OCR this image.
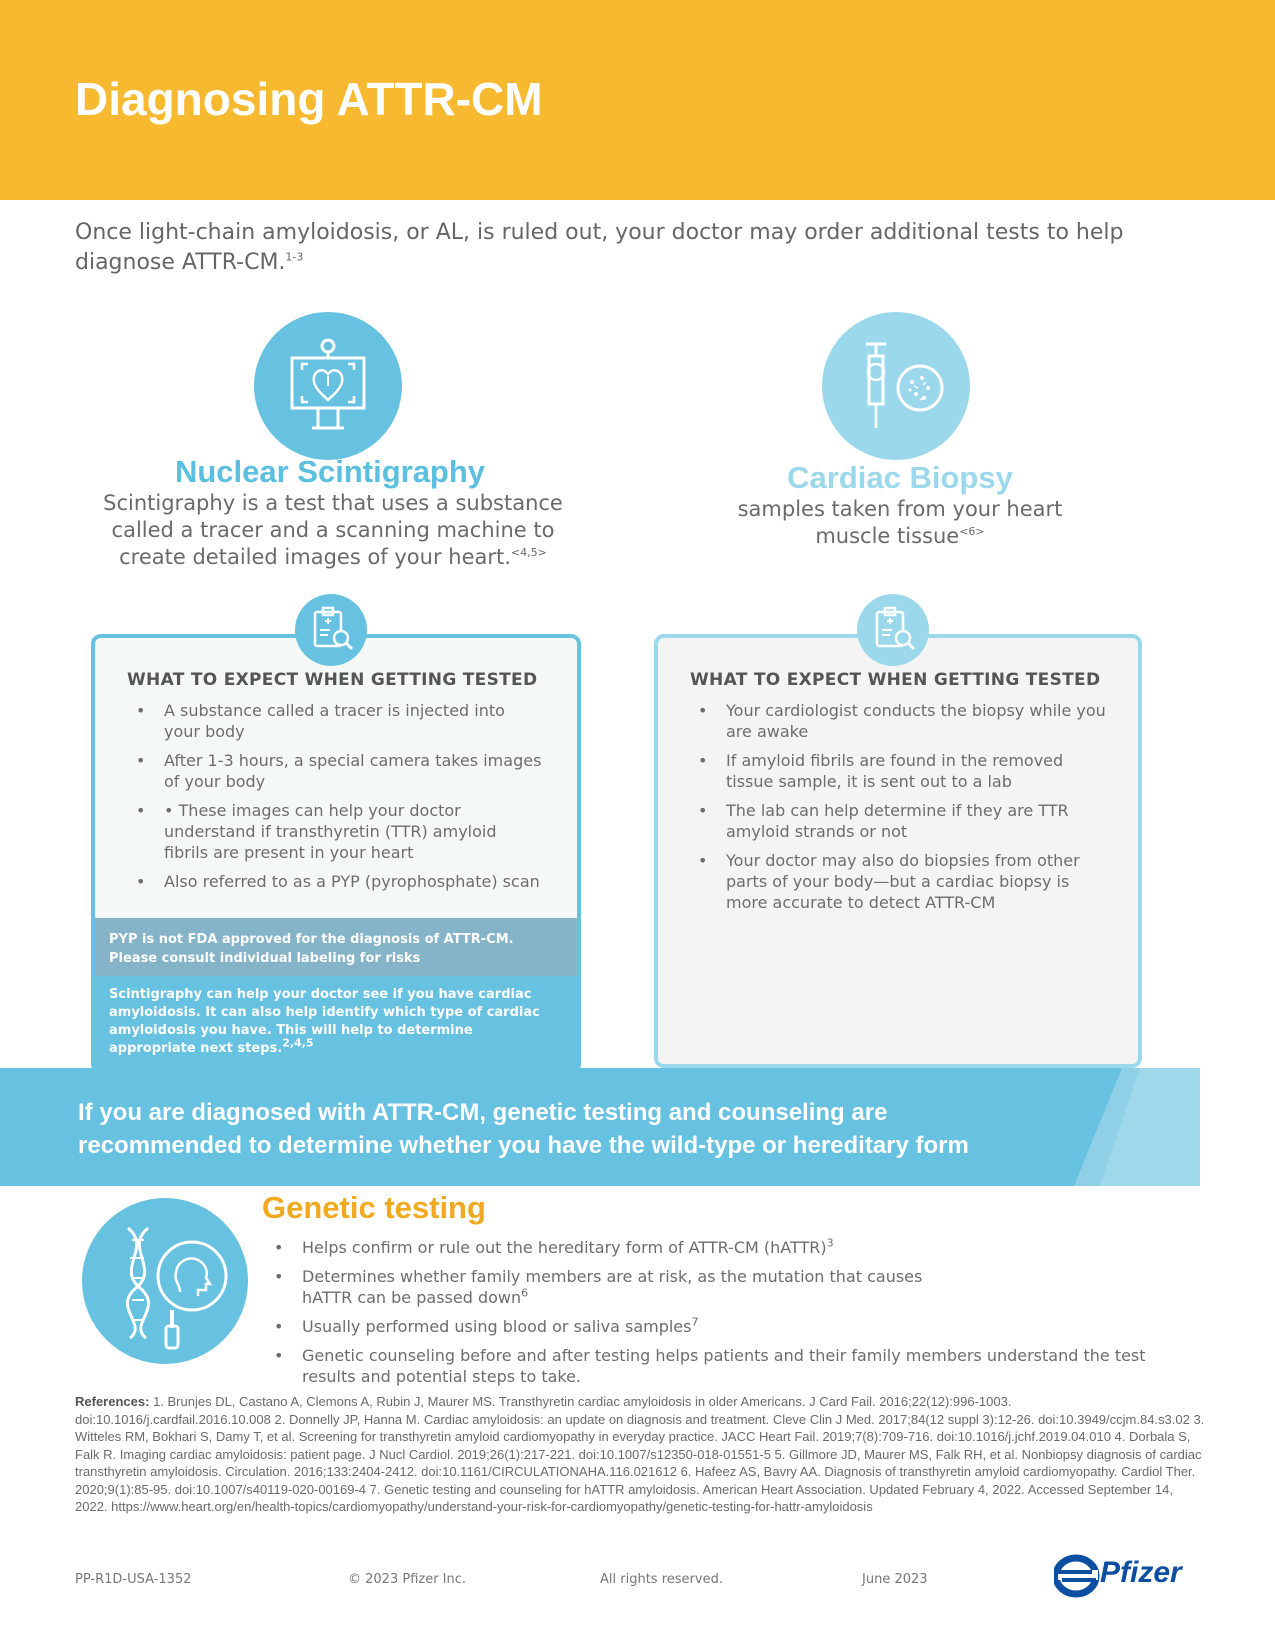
Diagnosing ATTR-CM
Once light-chain amyloidosis, or AL, is ruled out, your doctor may order additional tests to help diagnose ATTR-CM.$^{1-3}$
Nuclear Scintigraphy
Scintigraphy is a test that uses a substance called a tracer and a scanning machine to create detailed images of your heart.$^{<4,5>}$
WHAT TO EXPECT WHEN GETTING TESTED
• A substance called a tracer is injected into your body
• After 1-3 hours, a special camera takes images of your body
• • These images can help your doctor understand if transthyretin (TTR) amyloid fibrils are present in your heart
• Also referred to as a PYP (pyrophosphate) scan
PYP is not FDA approved for the diagnosis of ATTR-CM. Please consult individual labeling for risks
Scintigraphy can help your doctor see if you have cardiac amyloidosis. It can also help identify which type of cardiac amyloidosis you have. This will help to determine appropriate next steps.$^{2,4,5}$
Cardiac Biopsy
samples taken from your heart muscle tissue$^{<6>}$
WHAT TO EXPECT WHEN GETTING TESTED
• Your cardiologist conducts the biopsy while you are awake
• If amyloid fibrils are found in the removed tissue sample, it is sent out to a lab
• The lab can help determine if they are TTR amyloid strands or not
• Your doctor may also do biopsies from other parts of your body—but a cardiac biopsy is more accurate to detect ATTR-CM
If you are diagnosed with ATTR-CM, genetic testing and counseling are
recommended to determine whether you have the wild-type or hereditary form
Genetic testing
• Helps confirm or rule out the hereditary form of ATTR-CM (hATTR)$^3$
• Determines whether family members are at risk, as the mutation that causes hATTR can be passed down$^6$
• Usually performed using blood or saliva samples$^7$
• Genetic counseling before and after testing helps patients and their family members understand the test results and potential steps to take.
References: 1. Brunjes DL, Castano A, Clemons A, Rubin J, Maurer MS. Transthyretin cardiac amyloidosis in older Americans. J Card Fail. 2016;22(12):996-1003. doi:10.1016/j.cardfail.2016.10.008 2. Donnelly JP, Hanna M. Cardiac amyloidosis: an update on diagnosis and treatment. Cleve Clin J Med. 2017;84(12 suppl 3):12-26. doi:10.3949/ccjm.84.s3.02 3. Witteles RM, Bokhari S, Damy T, et al. Screening for transthyretin amyloid cardiomyopathy in everyday practice. JACC Heart Fail. 2019;7(8):709-716. doi:10.1016/j.jchf.2019.04.010 4. Dorbala S, Falk R. Imaging cardiac amyloidosis: patient page. J Nucl Cardiol. 2019;26(1):217-221. doi:10.1007/s12350-018-01551-5 5. Gillmore JD, Maurer MS, Falk RH, et al. Nonbiopsy diagnosis of cardiac transthyretin amyloidosis. Circulation. 2016;133:2404-2412. doi:10.1161/CIRCULATIONAHA.116.021612 6. Hafeez AS, Bavry AA. Diagnosis of transthyretin amyloid cardiomyopathy. Cardiol Ther. 2020;9(1):85-95. doi:10.1007/s40119-020-00169-4 7. Genetic testing and counseling for hATTR amyloidosis. American Heart Association. Updated February 4, 2022. Accessed September 14, 2022. https://www.heart.org/en/health-topics/cardiomyopathy/understand-your-risk-for-cardiomyopathy/genetic-testing-for-hattr-amyloidosis
PP-R1D-USA-1352	© 2023 Pfizer Inc.	All rights reserved.	June 2023	Pfizer
